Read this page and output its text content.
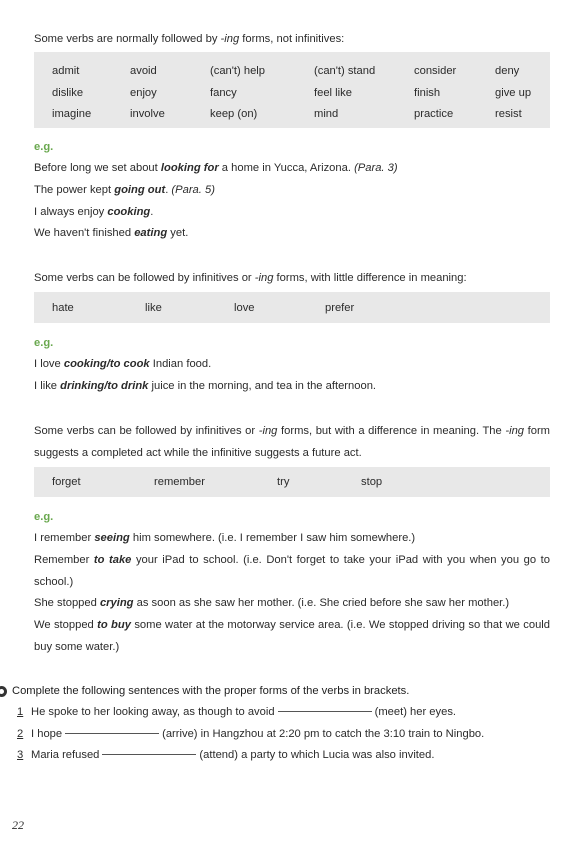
Some verbs are normally followed by -ing forms, not infinitives:

admit	avoid	(can't) help	(can't) stand	consider	deny
dislike	enjoy	fancy	feel like	finish	give up
imagine	involve	keep (on)	mind	practice	resist

e.g.

Before long we set about looking for a home in Yucca, Arizona. (Para. 3)

The power kept going out. (Para. 5)

I always enjoy cooking.

We haven't finished eating yet.

Some verbs can be followed by infinitives or -ing forms, with little difference in meaning:

hate	like	love	prefer

e.g.

I love cooking/to cook Indian food.

I like drinking/to drink juice in the morning, and tea in the afternoon.

Some verbs can be followed by infinitives or -ing forms, but with a difference in meaning. The -ing form suggests a completed act while the infinitive suggests a future act.

forget	remember	try	stop

e.g.

I remember seeing him somewhere. (i.e. I remember I saw him somewhere.)

Remember to take your iPad to school. (i.e. Don't forget to take your iPad with you when you go to school.)

She stopped crying as soon as she saw her mother. (i.e. She cried before she saw her mother.)

We stopped to buy some water at the motorway service area. (i.e. We stopped driving so that we could buy some water.)

Complete the following sentences with the proper forms of the verbs in brackets.

1 He spoke to her looking away, as though to avoid	(meet) her eyes.
2 I hope	(arrive) in Hangzhou at 2:20 pm to catch the 3:10 train to Ningbo.
3 Maria refused	(attend) a party to which Lucia was also invited.
22
